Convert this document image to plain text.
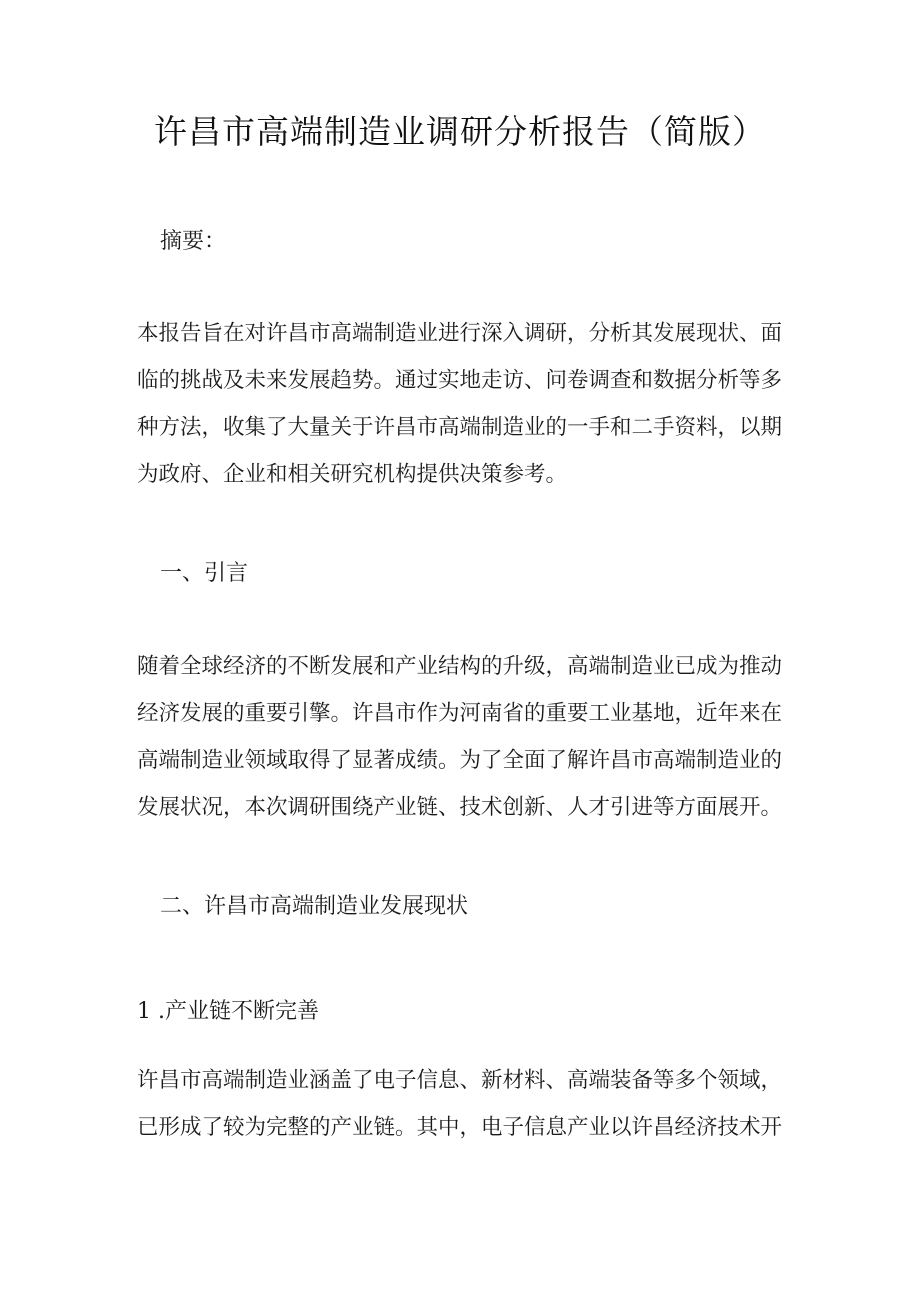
许昌市高端制造业调研分析报告（简版）

摘要：

本报告旨在对许昌市高端制造业进行深入调研，分析其发展现状、面
临的挑战及未来发展趋势。通过实地走访、问卷调查和数据分析等多
种方法，收集了大量关于许昌市高端制造业的一手和二手资料，以期
为政府、企业和相关研究机构提供决策参考。

一、引言

随着全球经济的不断发展和产业结构的升级，高端制造业已成为推动
经济发展的重要引擎。许昌市作为河南省的重要工业基地，近年来在
高端制造业领域取得了显著成绩。为了全面了解许昌市高端制造业的
发展状况，本次调研围绕产业链、技术创新、人才引进等方面展开。

二、许昌市高端制造业发展现状

1 .产业链不断完善

许昌市高端制造业涵盖了电子信息、新材料、高端装备等多个领域，
已形成了较为完整的产业链。其中，电子信息产业以许昌经济技术开
